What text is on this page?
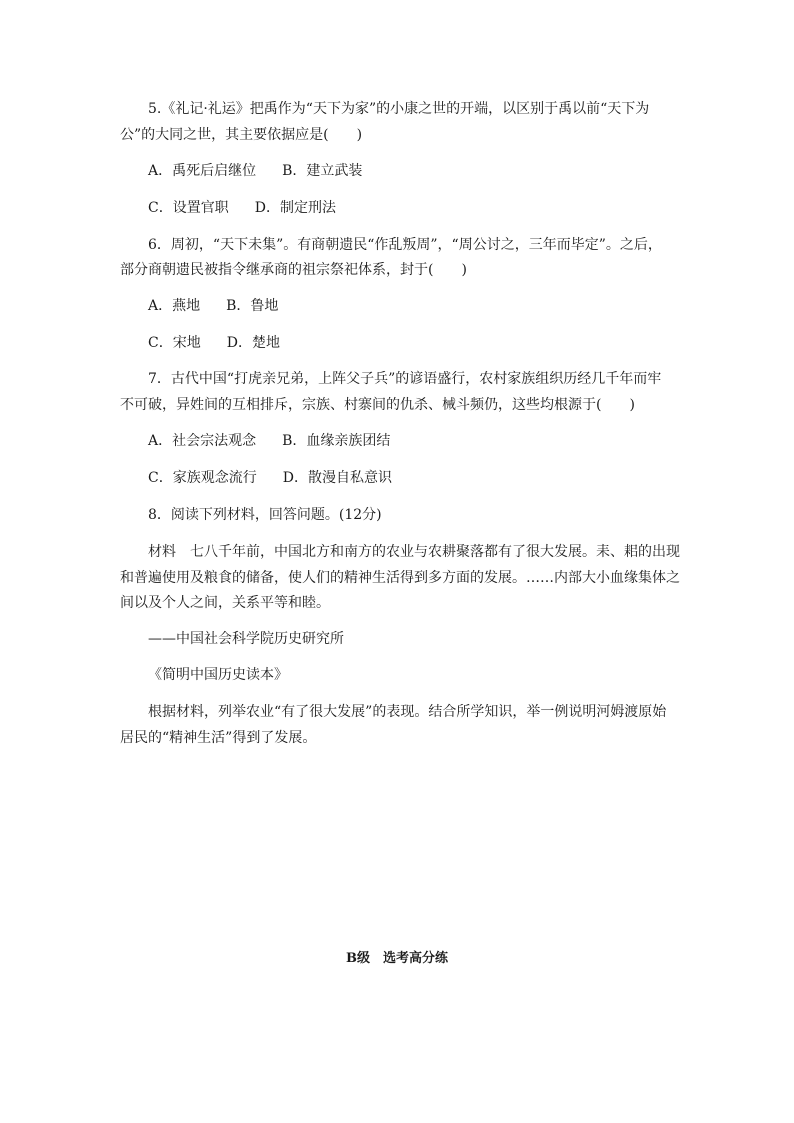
5.《礼记·礼运》把禹作为“天下为家”的小康之世的开端，以区别于禹以前“天下为
公”的大同之世，其主要依据应是(　　)
A．禹死后启继位 B．建立武装
C．设置官职 D．制定刑法
6．周初，“天下未集”。有商朝遗民“作乱叛周”，“周公讨之，三年而毕定”。之后，
部分商朝遗民被指令继承商的祖宗祭祀体系，封于(　　)
A．燕地 B．鲁地
C．宋地 D．楚地
7．古代中国“打虎亲兄弟，上阵父子兵”的谚语盛行，农村家族组织历经几千年而牢
不可破，异姓间的互相排斥，宗族、村寨间的仇杀、械斗频仍，这些均根源于(　　)
A．社会宗法观念 B．血缘亲族团结
C．家族观念流行 D．散漫自私意识
8．阅读下列材料，回答问题。(12分)
材料　七八千年前，中国北方和南方的农业与农耕聚落都有了很大发展。耒、耜的出现
和普遍使用及粮食的储备，使人们的精神生活得到多方面的发展。……内部大小血缘集体之
间以及个人之间，关系平等和睦。
——中国社会科学院历史研究所
《简明中国历史读本》
根据材料，列举农业“有了很大发展”的表现。结合所学知识，举一例说明河姆渡原始
居民的“精神生活”得到了发展。
B级　选考高分练
